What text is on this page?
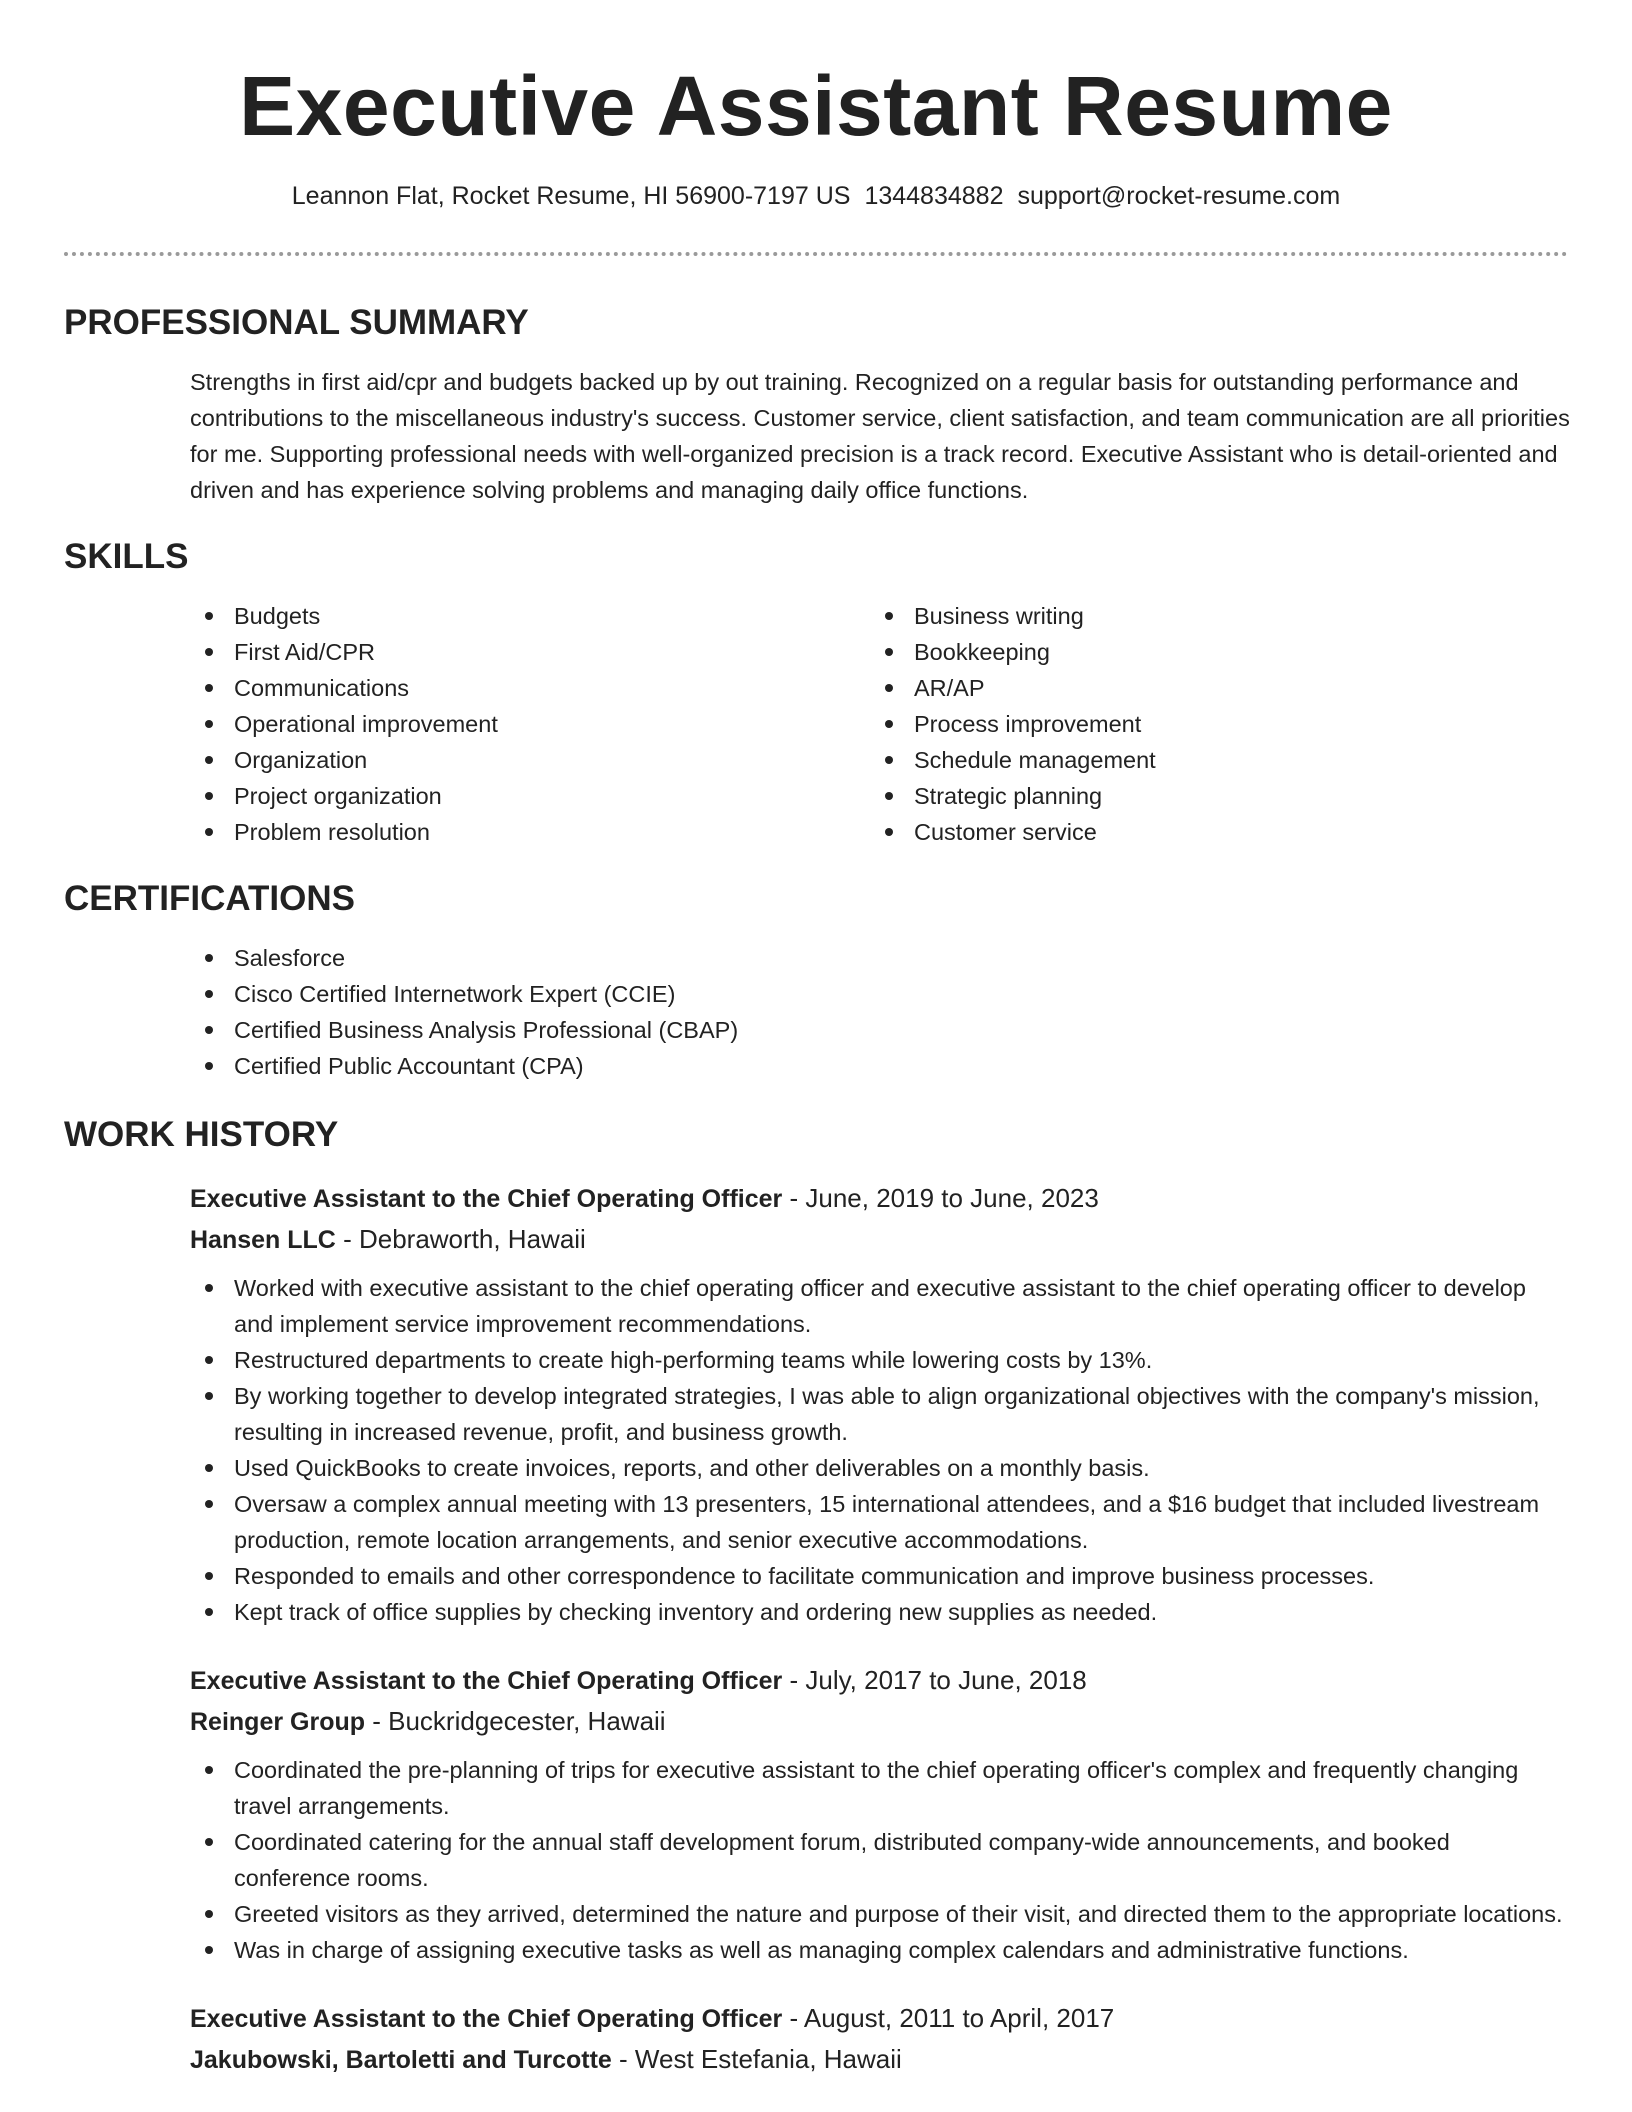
Executive Assistant Resume
Leannon Flat, Rocket Resume, HI 56900-7197 US 1344834882 support@rocket-resume.com
PROFESSIONAL SUMMARY

Strengths in first aid/cpr and budgets backed up by out training. Recognized on a regular basis for outstanding performance and contributions to the miscellaneous industry's success. Customer service, client satisfaction, and team communication are all priorities for me. Supporting professional needs with well-organized precision is a track record. Executive Assistant who is detail-oriented and driven and has experience solving problems and managing daily office functions.

SKILLS
Budgets
First Aid/CPR
Communications
Operational improvement
Organization
Project organization
Problem resolution
Business writing
Bookkeeping
AR/AP
Process improvement
Schedule management
Strategic planning
Customer service
CERTIFICATIONS
Salesforce
Cisco Certified Internetwork Expert (CCIE)
Certified Business Analysis Professional (CBAP)
Certified Public Accountant (CPA)
WORK HISTORY
Executive Assistant to the Chief Operating Officer - June, 2019 to June, 2023
Hansen LLC - Debraworth, Hawaii
Worked with executive assistant to the chief operating officer and executive assistant to the chief operating officer to develop and implement service improvement recommendations.
Restructured departments to create high-performing teams while lowering costs by 13%.
By working together to develop integrated strategies, I was able to align organizational objectives with the company's mission, resulting in increased revenue, profit, and business growth.
Used QuickBooks to create invoices, reports, and other deliverables on a monthly basis.
Oversaw a complex annual meeting with 13 presenters, 15 international attendees, and a $16 budget that included livestream production, remote location arrangements, and senior executive accommodations.
Responded to emails and other correspondence to facilitate communication and improve business processes.
Kept track of office supplies by checking inventory and ordering new supplies as needed.
Executive Assistant to the Chief Operating Officer - July, 2017 to June, 2018
Reinger Group - Buckridgecester, Hawaii
Coordinated the pre-planning of trips for executive assistant to the chief operating officer's complex and frequently changing travel arrangements.
Coordinated catering for the annual staff development forum, distributed company-wide announcements, and booked conference rooms.
Greeted visitors as they arrived, determined the nature and purpose of their visit, and directed them to the appropriate locations.
Was in charge of assigning executive tasks as well as managing complex calendars and administrative functions.
Executive Assistant to the Chief Operating Officer - August, 2011 to April, 2017
Jakubowski, Bartoletti and Turcotte - West Estefania, Hawaii
